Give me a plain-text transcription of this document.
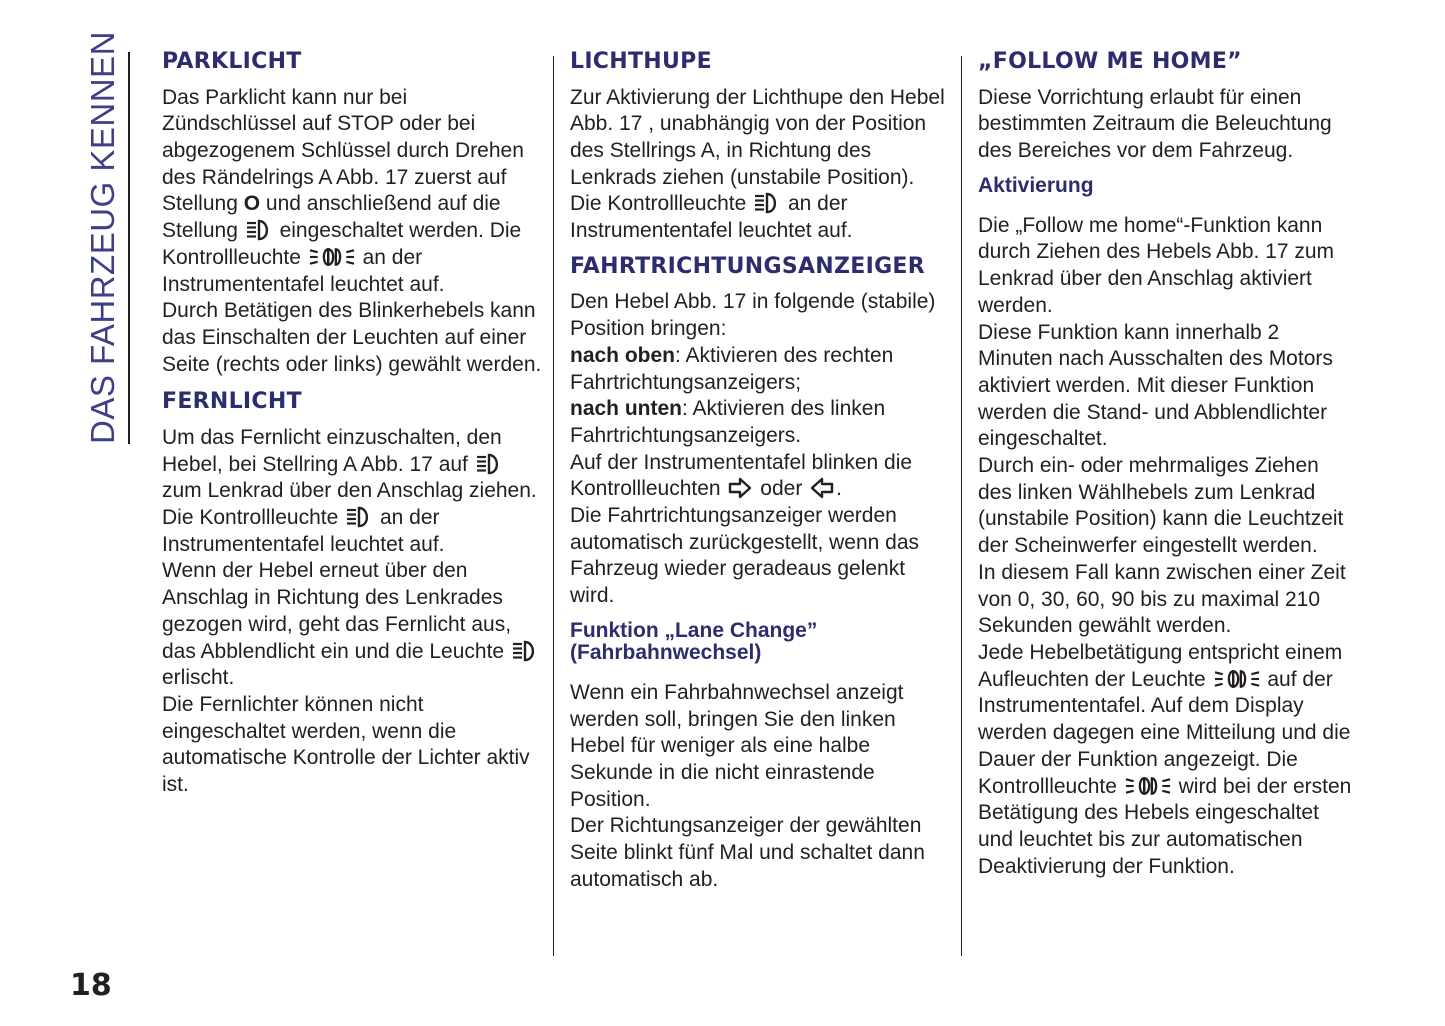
DAS FAHRZEUG KENNEN PARKLICHT

Das Parklicht kann nur bei Zündschlüssel auf STOP oder bei abgezogenem Schlüssel durch Drehen des Rändelrings A Abb. 17 zuerst auf Stellung O und anschließend auf die Stellung eingeschaltet werden. Die Kontrollleuchte	an der Instrumententafel leuchtet auf.

Durch Betätigen des Blinkerhebels kann das Einschalten der Leuchten auf einer Seite (rechts oder links) gewählt werden.

FERNLICHT

Um das Fernlicht einzuschalten, den Hebel, bei Stellring A Abb. 17 auf  zum Lenkrad über den Anschlag ziehen. Die Kontrollleuchte an der Instrumententafel leuchtet auf.

Wenn der Hebel erneut über den Anschlag in Richtung des Lenkrades gezogen wird, geht das Fernlicht aus, das Abblendlicht ein und die Leuchte  erlischt.

Die Fernlichter können nicht eingeschaltet werden, wenn die automatische Kontrolle der Lichter aktiv ist.

LICHTHUPE

Zur Aktivierung der Lichthupe den Hebel Abb. 17 , unabhängig von der Position des Stellrings A, in Richtung des Lenkrads ziehen (unstabile Position).

Die Kontrollleuchte an der Instrumententafel leuchtet auf.

FAHRTRICHTUNGSANZEIGER

Den Hebel Abb. 17 in folgende (stabile) Position bringen:

nach oben: Aktivieren des rechten Fahrtrichtungsanzeigers;

nach unten: Aktivieren des linken Fahrtrichtungsanzeigers.

Auf der Instrumententafel blinken die Kontrollleuchten oder .

Die Fahrtrichtungsanzeiger werden automatisch zurückgestellt, wenn das Fahrzeug wieder geradeaus gelenkt wird.

Funktion „Lane Change” (Fahrbahnwechsel)

Wenn ein Fahrbahnwechsel anzeigt werden soll, bringen Sie den linken Hebel für weniger als eine halbe Sekunde in die nicht einrastende Position.

Der Richtungsanzeiger der gewählten Seite blinkt fünf Mal und schaltet dann automatisch ab.

„FOLLOW ME HOME”

Diese Vorrichtung erlaubt für einen bestimmten Zeitraum die Beleuchtung des Bereiches vor dem Fahrzeug.

Aktivierung

Die „Follow me home“-Funktion kann durch Ziehen des Hebels Abb. 17 zum Lenkrad über den Anschlag aktiviert werden.

Diese Funktion kann innerhalb 2 Minuten nach Ausschalten des Motors aktiviert werden. Mit dieser Funktion werden die Stand- und Abblendlichter eingeschaltet.

Durch ein- oder mehrmaliges Ziehen des linken Wählhebels zum Lenkrad (unstabile Position) kann die Leuchtzeit der Scheinwerfer eingestellt werden.

In diesem Fall kann zwischen einer Zeit von 0, 30, 60, 90 bis zu maximal 210 Sekunden gewählt werden.

Jede Hebelbetätigung entspricht einem Aufleuchten der Leuchte	auf der Instrumententafel. Auf dem Display werden dagegen eine Mitteilung und die Dauer der Funktion angezeigt. Die Kontrollleuchte	wird bei der ersten Betätigung des Hebels eingeschaltet und leuchtet bis zur automatischen Deaktivierung der Funktion.

18
